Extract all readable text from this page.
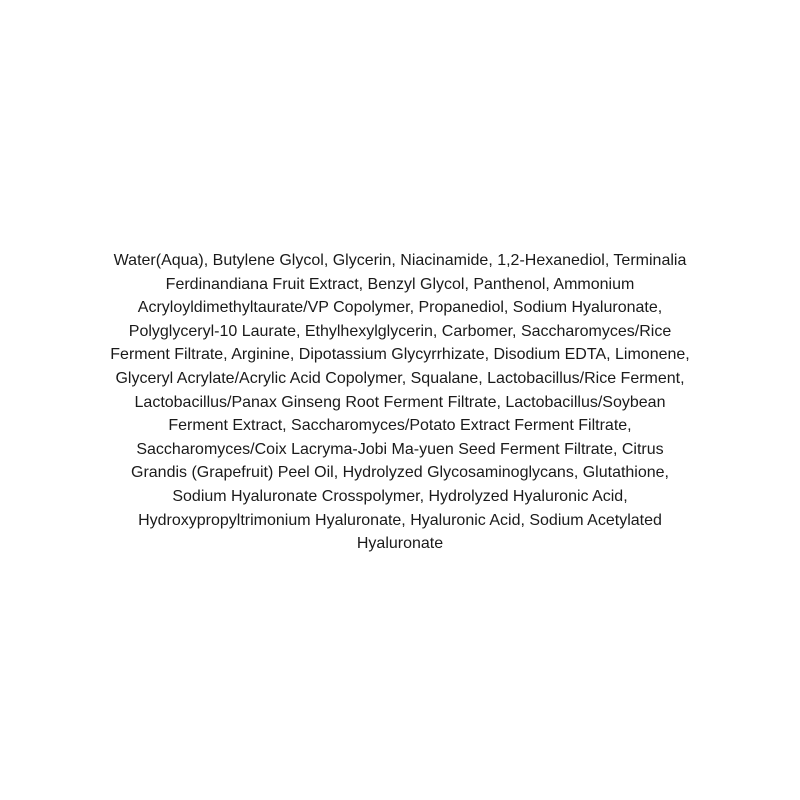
Water(Aqua), Butylene Glycol, Glycerin, Niacinamide, 1,2-Hexanediol, Terminalia
Ferdinandiana Fruit Extract, Benzyl Glycol, Panthenol, Ammonium
Acryloyldimethyltaurate/VP Copolymer, Propanediol, Sodium Hyaluronate,
Polyglyceryl-10 Laurate, Ethylhexylglycerin, Carbomer, Saccharomyces/Rice
Ferment Filtrate, Arginine, Dipotassium Glycyrrhizate, Disodium EDTA, Limonene,
Glyceryl Acrylate/Acrylic Acid Copolymer, Squalane, Lactobacillus/Rice Ferment,
Lactobacillus/Panax Ginseng Root Ferment Filtrate, Lactobacillus/Soybean
Ferment Extract, Saccharomyces/Potato Extract Ferment Filtrate,
Saccharomyces/Coix Lacryma-Jobi Ma-yuen Seed Ferment Filtrate, Citrus
Grandis (Grapefruit) Peel Oil, Hydrolyzed Glycosaminoglycans, Glutathione,
Sodium Hyaluronate Crosspolymer, Hydrolyzed Hyaluronic Acid,
Hydroxypropyltrimonium Hyaluronate, Hyaluronic Acid, Sodium Acetylated
Hyaluronate
